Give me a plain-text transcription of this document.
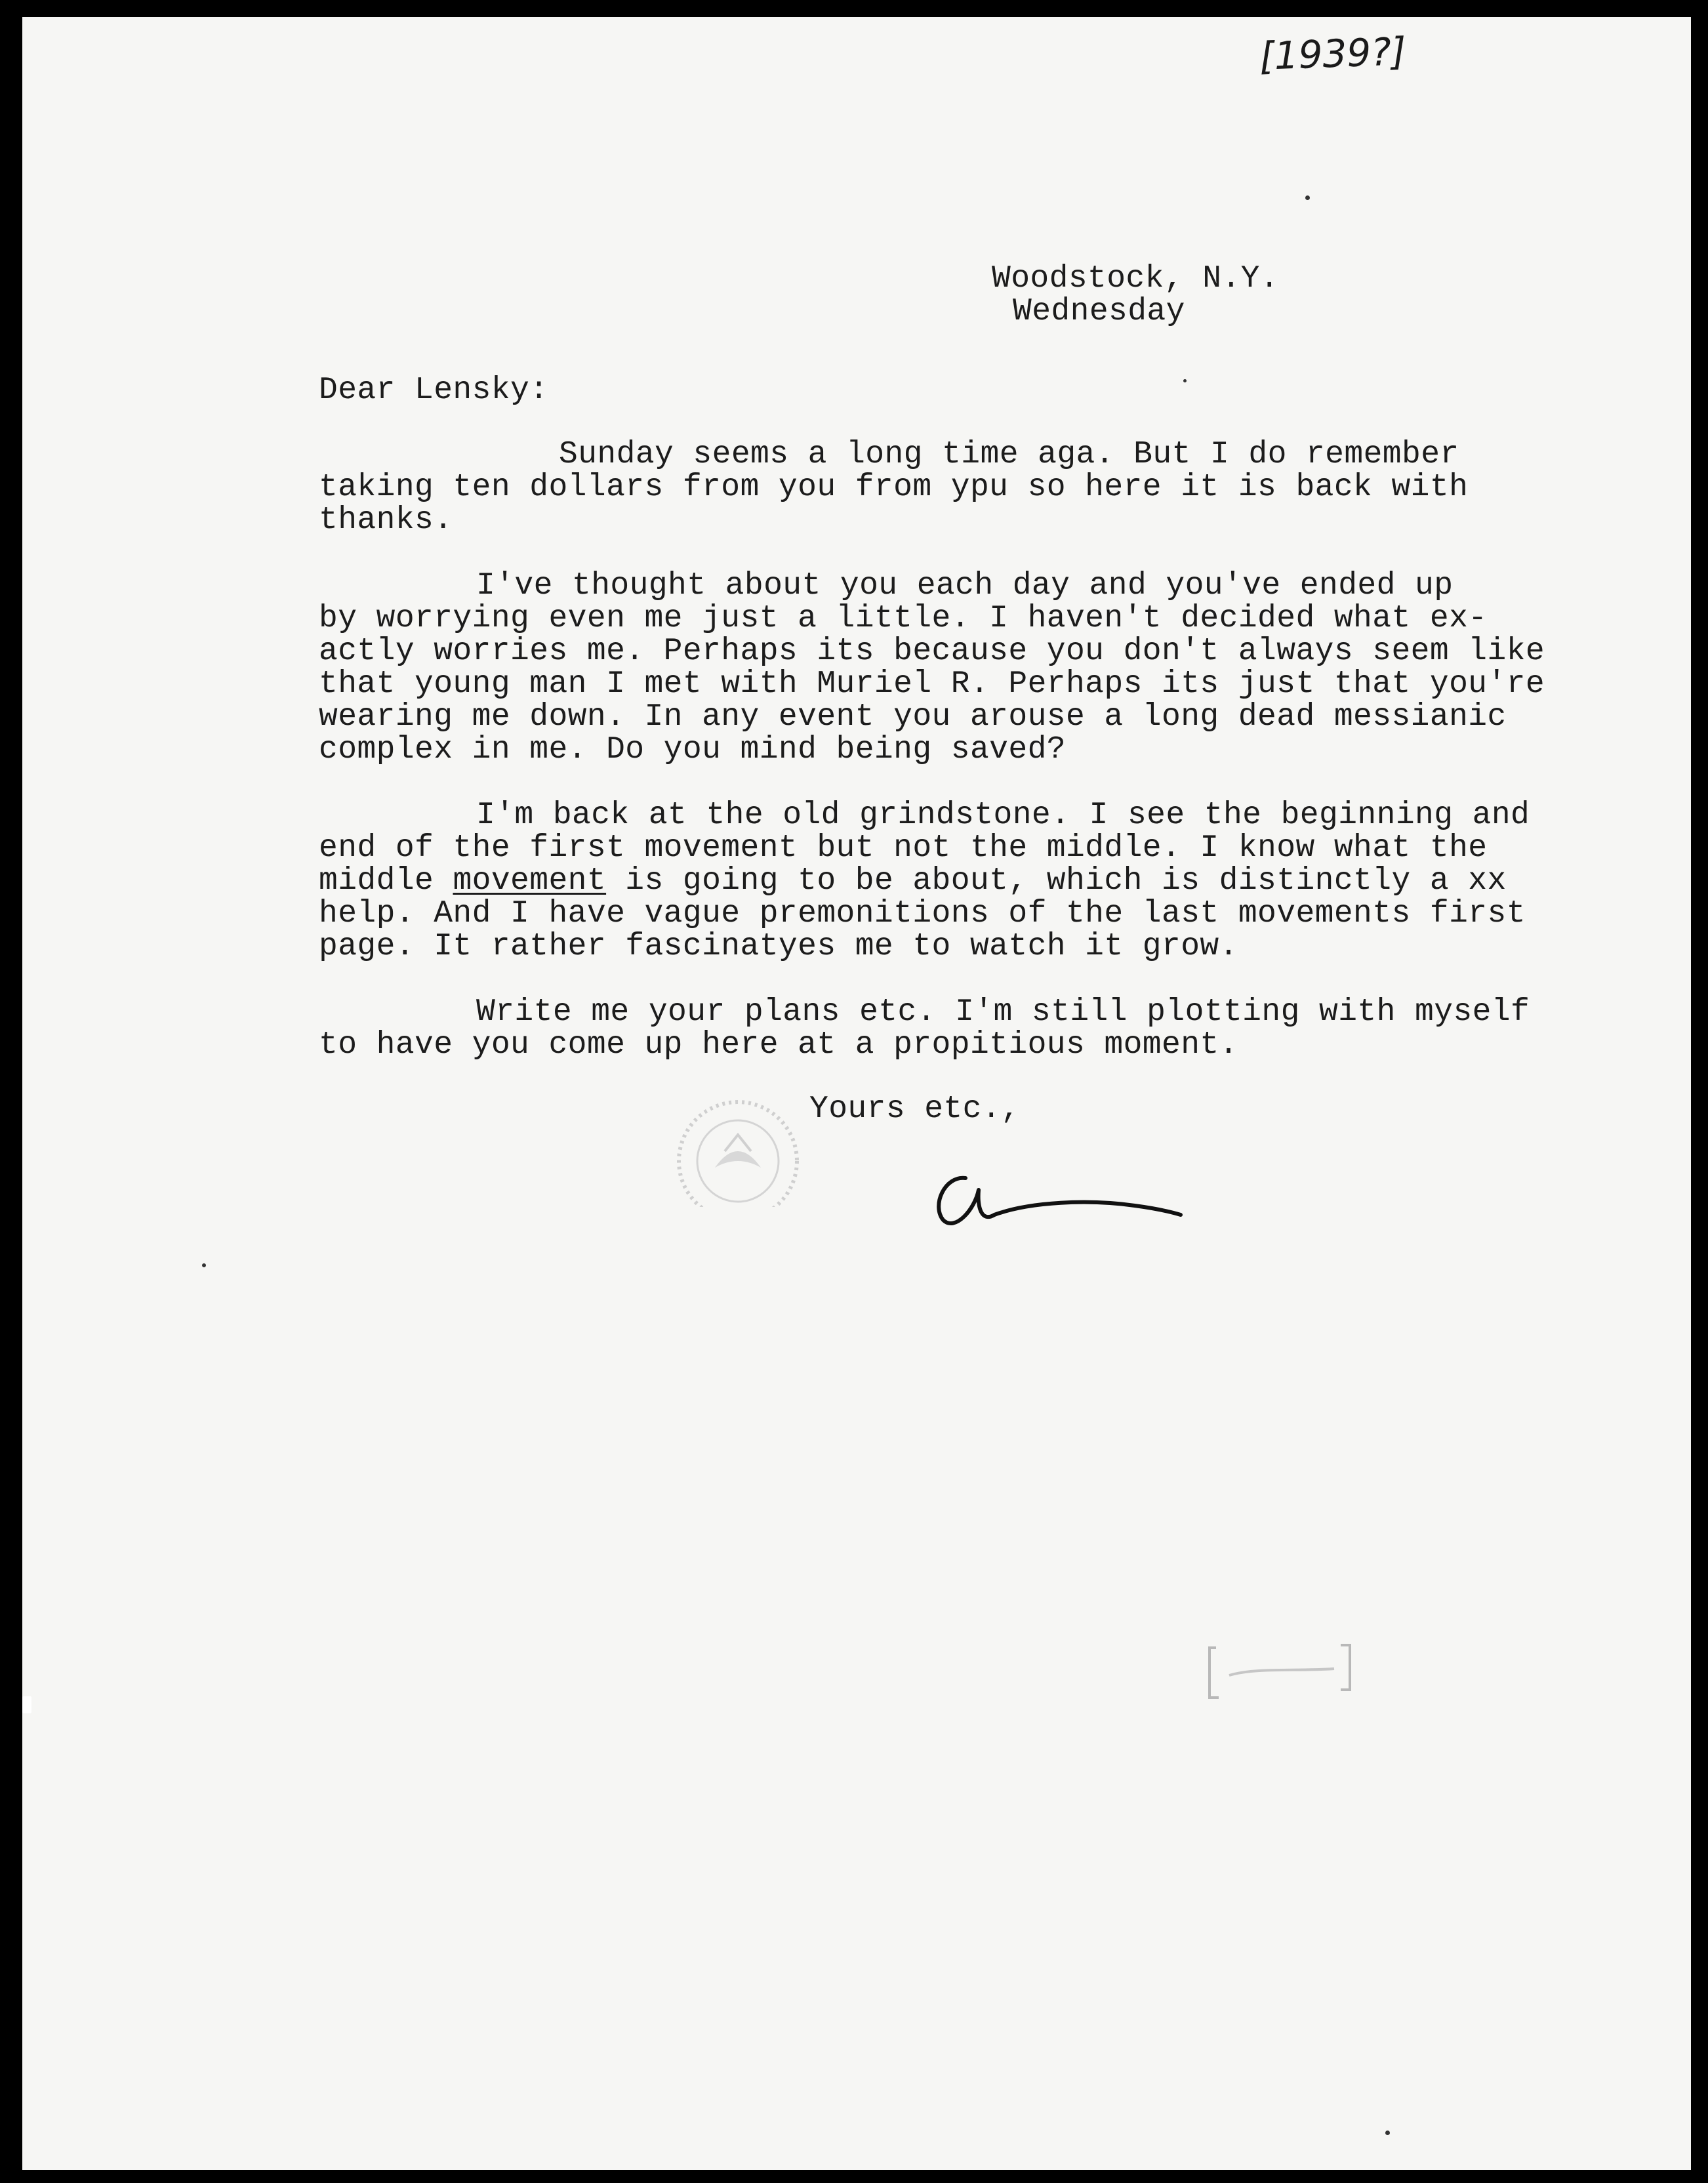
[1939?]
Woodstock, N.Y.
Wednesday
Dear Lensky:
Sunday seems a long time aga. But I do remember
taking ten dollars from you from ypu so here it is back with
thanks.
I've thought about you each day and you've ended up
by worrying even me just a little. I haven't decided what ex-
actly worries me. Perhaps its because you don't always seem like
that young man I met with Muriel R. Perhaps its just that you're
wearing me down. In any event you arouse a long dead messianic
complex in me. Do you mind being saved?
I'm back at the old grindstone. I see the beginning and
end of the first movement but not the middle. I know what the
middle movement is going to be about, which is distinctly a xx
help. And I have vague premonitions of the last movements first
page. It rather fascinatyes me to watch it grow.
Write me your plans etc. I'm still plotting with myself
to have you come up here at a propitious moment.
Yours etc.,
